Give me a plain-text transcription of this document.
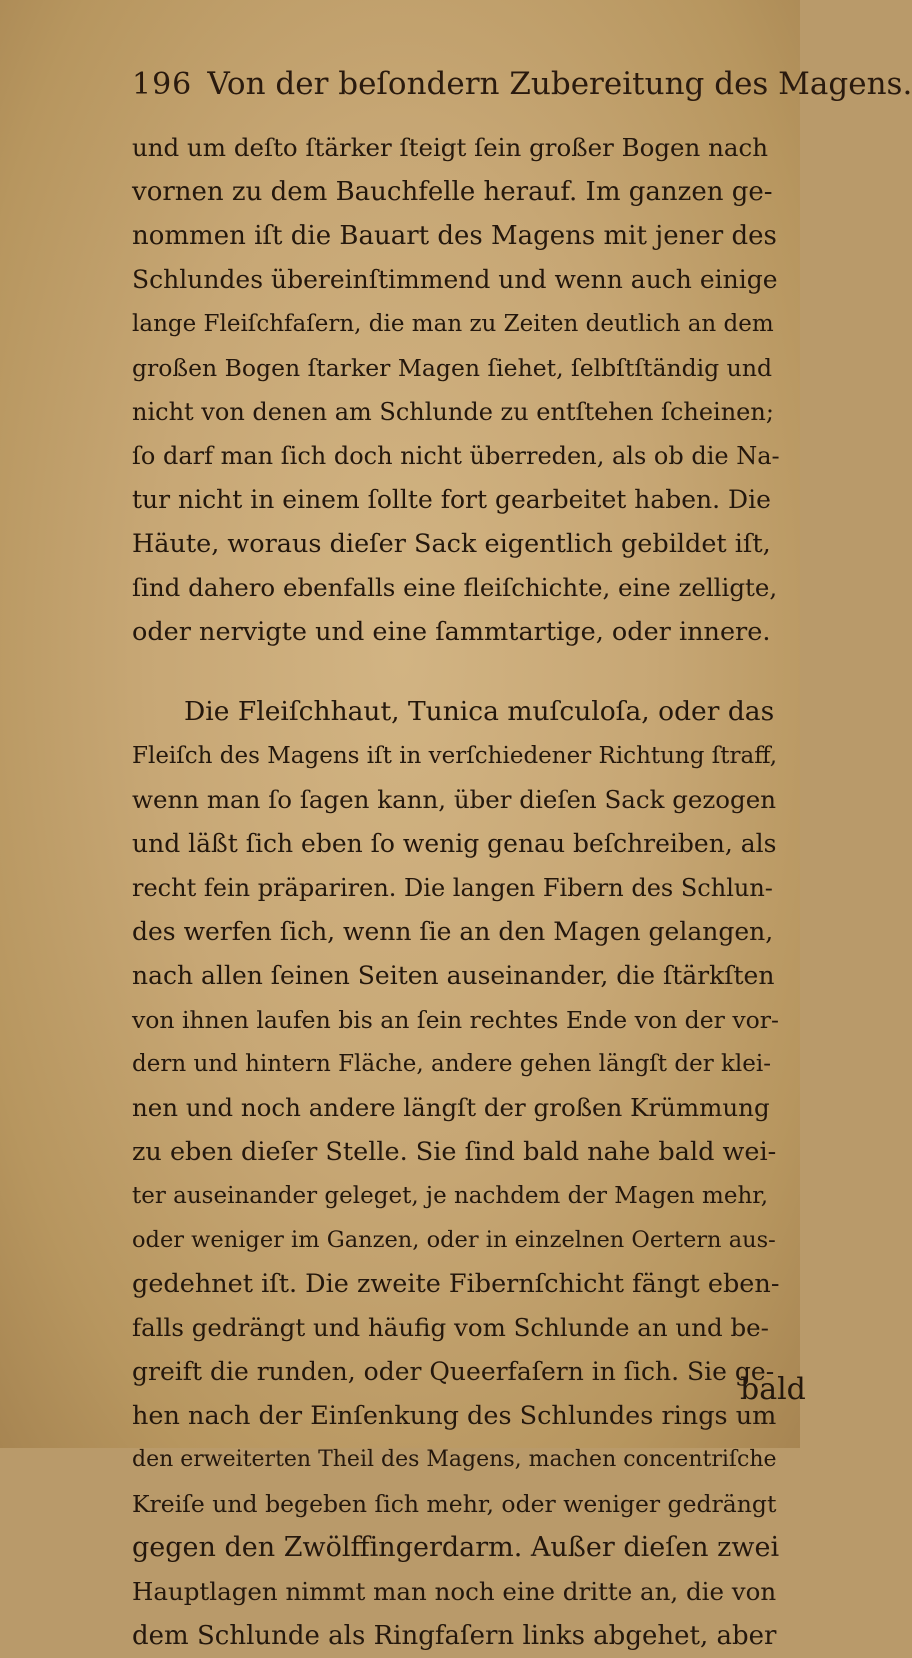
196 Von der beſondern Zubereitung des Magens.
und um deſto ſtärker ſteigt ſein großer Bogen nach
vornen zu dem Bauchfelle herauf. Im ganzen ge-
nommen iſt die Bauart des Magens mit jener des
Schlundes übereinſtimmend und wenn auch einige
lange Fleiſchfaſern, die man zu Zeiten deutlich an dem
großen Bogen ſtarker Magen ſiehet, ſelbſtſtändig und
nicht von denen am Schlunde zu entſtehen ſcheinen;
ſo darf man ſich doch nicht überreden, als ob die Na-
tur nicht in einem ſollte fort gearbeitet haben. Die
Häute, woraus dieſer Sack eigentlich gebildet iſt,
ſind dahero ebenfalls eine fleiſchichte, eine zelligte,
oder nervigte und eine ſammtartige, oder innere.
Die Fleiſchhaut, Tunica muſculoſa, oder das
Fleiſch des Magens iſt in verſchiedener Richtung ſtraff,
wenn man ſo ſagen kann, über dieſen Sack gezogen
und läßt ſich eben ſo wenig genau beſchreiben, als
recht fein präpariren. Die langen Fibern des Schlun-
des werfen ſich, wenn ſie an den Magen gelangen,
nach allen ſeinen Seiten auseinander, die ſtärkſten
von ihnen laufen bis an ſein rechtes Ende von der vor-
dern und hintern Fläche, andere gehen längſt der klei-
nen und noch andere längſt der großen Krümmung
zu eben dieſer Stelle. Sie ſind bald nahe bald wei-
ter auseinander geleget, je nachdem der Magen mehr,
oder weniger im Ganzen, oder in einzelnen Oertern aus-
gedehnet iſt. Die zweite Fibernſchicht fängt eben-
falls gedrängt und häufig vom Schlunde an und be-
greift die runden, oder Queerfaſern in ſich. Sie ge-
hen nach der Einſenkung des Schlundes rings um
den erweiterten Theil des Magens, machen concentriſche
Kreiſe und begeben ſich mehr, oder weniger gedrängt
gegen den Zwölffingerdarm. Außer dieſen zwei
Hauptlagen nimmt man noch eine dritte an, die von
dem Schlunde als Ringfaſern links abgehet, aber
bald
